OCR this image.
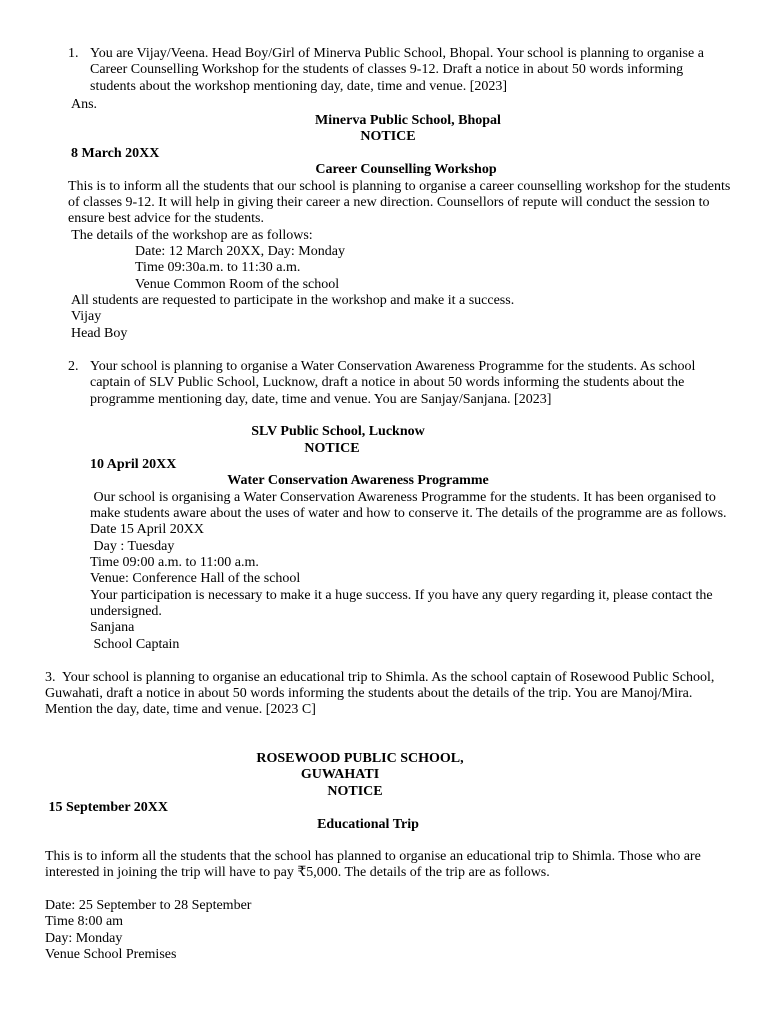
1. You are Vijay/Veena. Head Boy/Girl of Minerva Public School, Bhopal. Your school is planning to organise a Career Counselling Workshop for the students of classes 9-12. Draft a notice in about 50 words informing students about the workshop mentioning day, date, time and venue. [2023]

Ans.
Minerva Public School, Bhopal
NOTICE
8 March 20XX
Career Counselling Workshop
This is to inform all the students that our school is planning to organise a career counselling workshop for the students
of classes 9-12. It will help in giving their career a new direction. Counsellors of repute will conduct the session to
ensure best advice for the students.
The details of the workshop are as follows:
Date: 12 March 20XX, Day: Monday
Time 09:30a.m. to 11:30 a.m.
Venue Common Room of the school
All students are requested to participate in the workshop and make it a success.
Vijay
Head Boy
2. Your school is planning to organise a Water Conservation Awareness Programme for the students. As school captain of SLV Public School, Lucknow, draft a notice in about 50 words informing the students about the programme mentioning day, date, time and venue. You are Sanjay/Sanjana. [2023]

SLV Public School, Lucknow
NOTICE
10 April 20XX
Water Conservation Awareness Programme
Our school is organising a Water Conservation Awareness Programme for the students. It has been organised to
make students aware about the uses of water and how to conserve it. The details of the programme are as follows.
Date 15 April 20XX
Day : Tuesday
Time 09:00 a.m. to 11:00 a.m.
Venue: Conference Hall of the school
Your participation is necessary to make it a huge success. If you have any query regarding it, please contact the
undersigned.
Sanjana
School Captain
3.  Your school is planning to organise an educational trip to Shimla. As the school captain of Rosewood Public School,
Guwahati, draft a notice in about 50 words informing the students about the details of the trip. You are Manoj/Mira.
Mention the day, date, time and venue. [2023 C]
ROSEWOOD PUBLIC SCHOOL,
GUWAHATI
NOTICE
15 September 20XX
Educational Trip
This is to inform all the students that the school has planned to organise an educational trip to Shimla. Those who are
interested in joining the trip will have to pay ₹5,000. The details of the trip are as follows.
Date: 25 September to 28 September
Time 8:00 am
Day: Monday
Venue School Premises
